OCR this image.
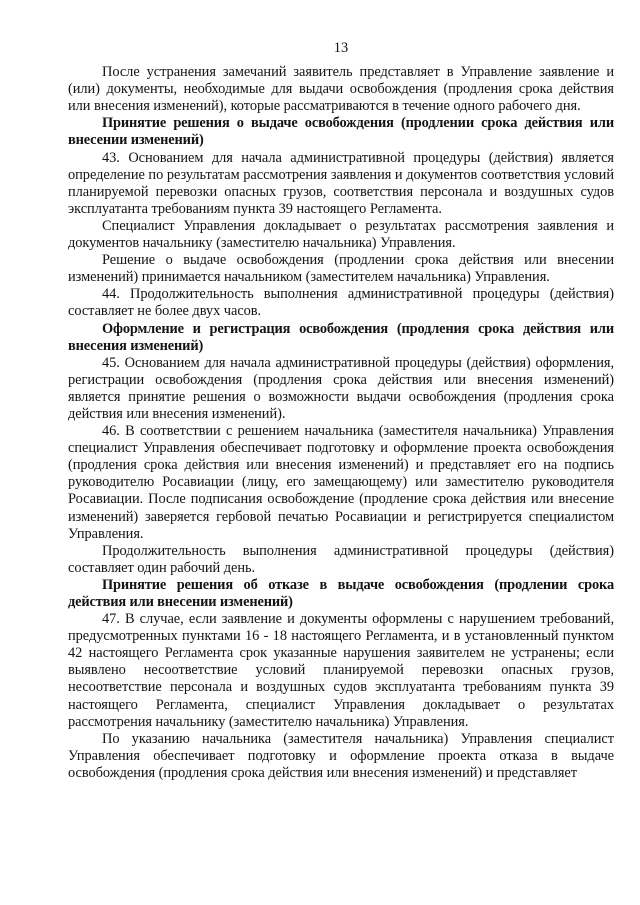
13

После устранения замечаний заявитель представляет в Управление заявление и (или) документы, необходимые для выдачи освобождения (продления срока действия или внесения изменений), которые рассматриваются в течение одного рабочего дня.

Принятие решения о выдаче освобождения (продлении срока действия или внесении изменений)

43. Основанием для начала административной процедуры (действия) является определение по результатам рассмотрения заявления и документов соответствия условий планируемой перевозки опасных грузов, соответствия персонала и воздушных судов эксплуатанта требованиям пункта 39 настоящего Регламента.

Специалист Управления докладывает о результатах рассмотрения заявления и документов начальнику (заместителю начальника) Управления.

Решение о выдаче освобождения (продлении срока действия или внесении изменений) принимается начальником (заместителем начальника) Управления.

44. Продолжительность выполнения административной процедуры (действия) составляет не более двух часов.

Оформление и регистрация освобождения (продления срока действия или внесения изменений)

45. Основанием для начала административной процедуры (действия) оформления, регистрации освобождения (продления срока действия или внесения изменений) является принятие решения о возможности выдачи освобождения (продления срока действия или внесения изменений).

46. В соответствии с решением начальника (заместителя начальника) Управления специалист Управления обеспечивает подготовку и оформление проекта освобождения (продления срока действия или внесения изменений) и представляет его на подпись руководителю Росавиации (лицу, его замещающему) или заместителю руководителя Росавиации. После подписания освобождение (продление срока действия или внесение изменений) заверяется гербовой печатью Росавиации и регистрируется специалистом Управления.

Продолжительность выполнения административной процедуры (действия) составляет один рабочий день.

Принятие решения об отказе в выдаче освобождения (продлении срока действия или внесении изменений)

47. В случае, если заявление и документы оформлены с нарушением требований, предусмотренных пунктами 16 - 18 настоящего Регламента, и в установленный пунктом 42 настоящего Регламента срок указанные нарушения заявителем не устранены; если выявлено несоответствие условий планируемой перевозки опасных грузов, несоответствие персонала и воздушных судов эксплуатанта требованиям пункта 39 настоящего Регламента, специалист Управления докладывает о результатах рассмотрения начальнику (заместителю начальника) Управления.

По указанию начальника (заместителя начальника) Управления специалист Управления обеспечивает подготовку и оформление проекта отказа в выдаче освобождения (продления срока действия или внесения изменений) и представляет
